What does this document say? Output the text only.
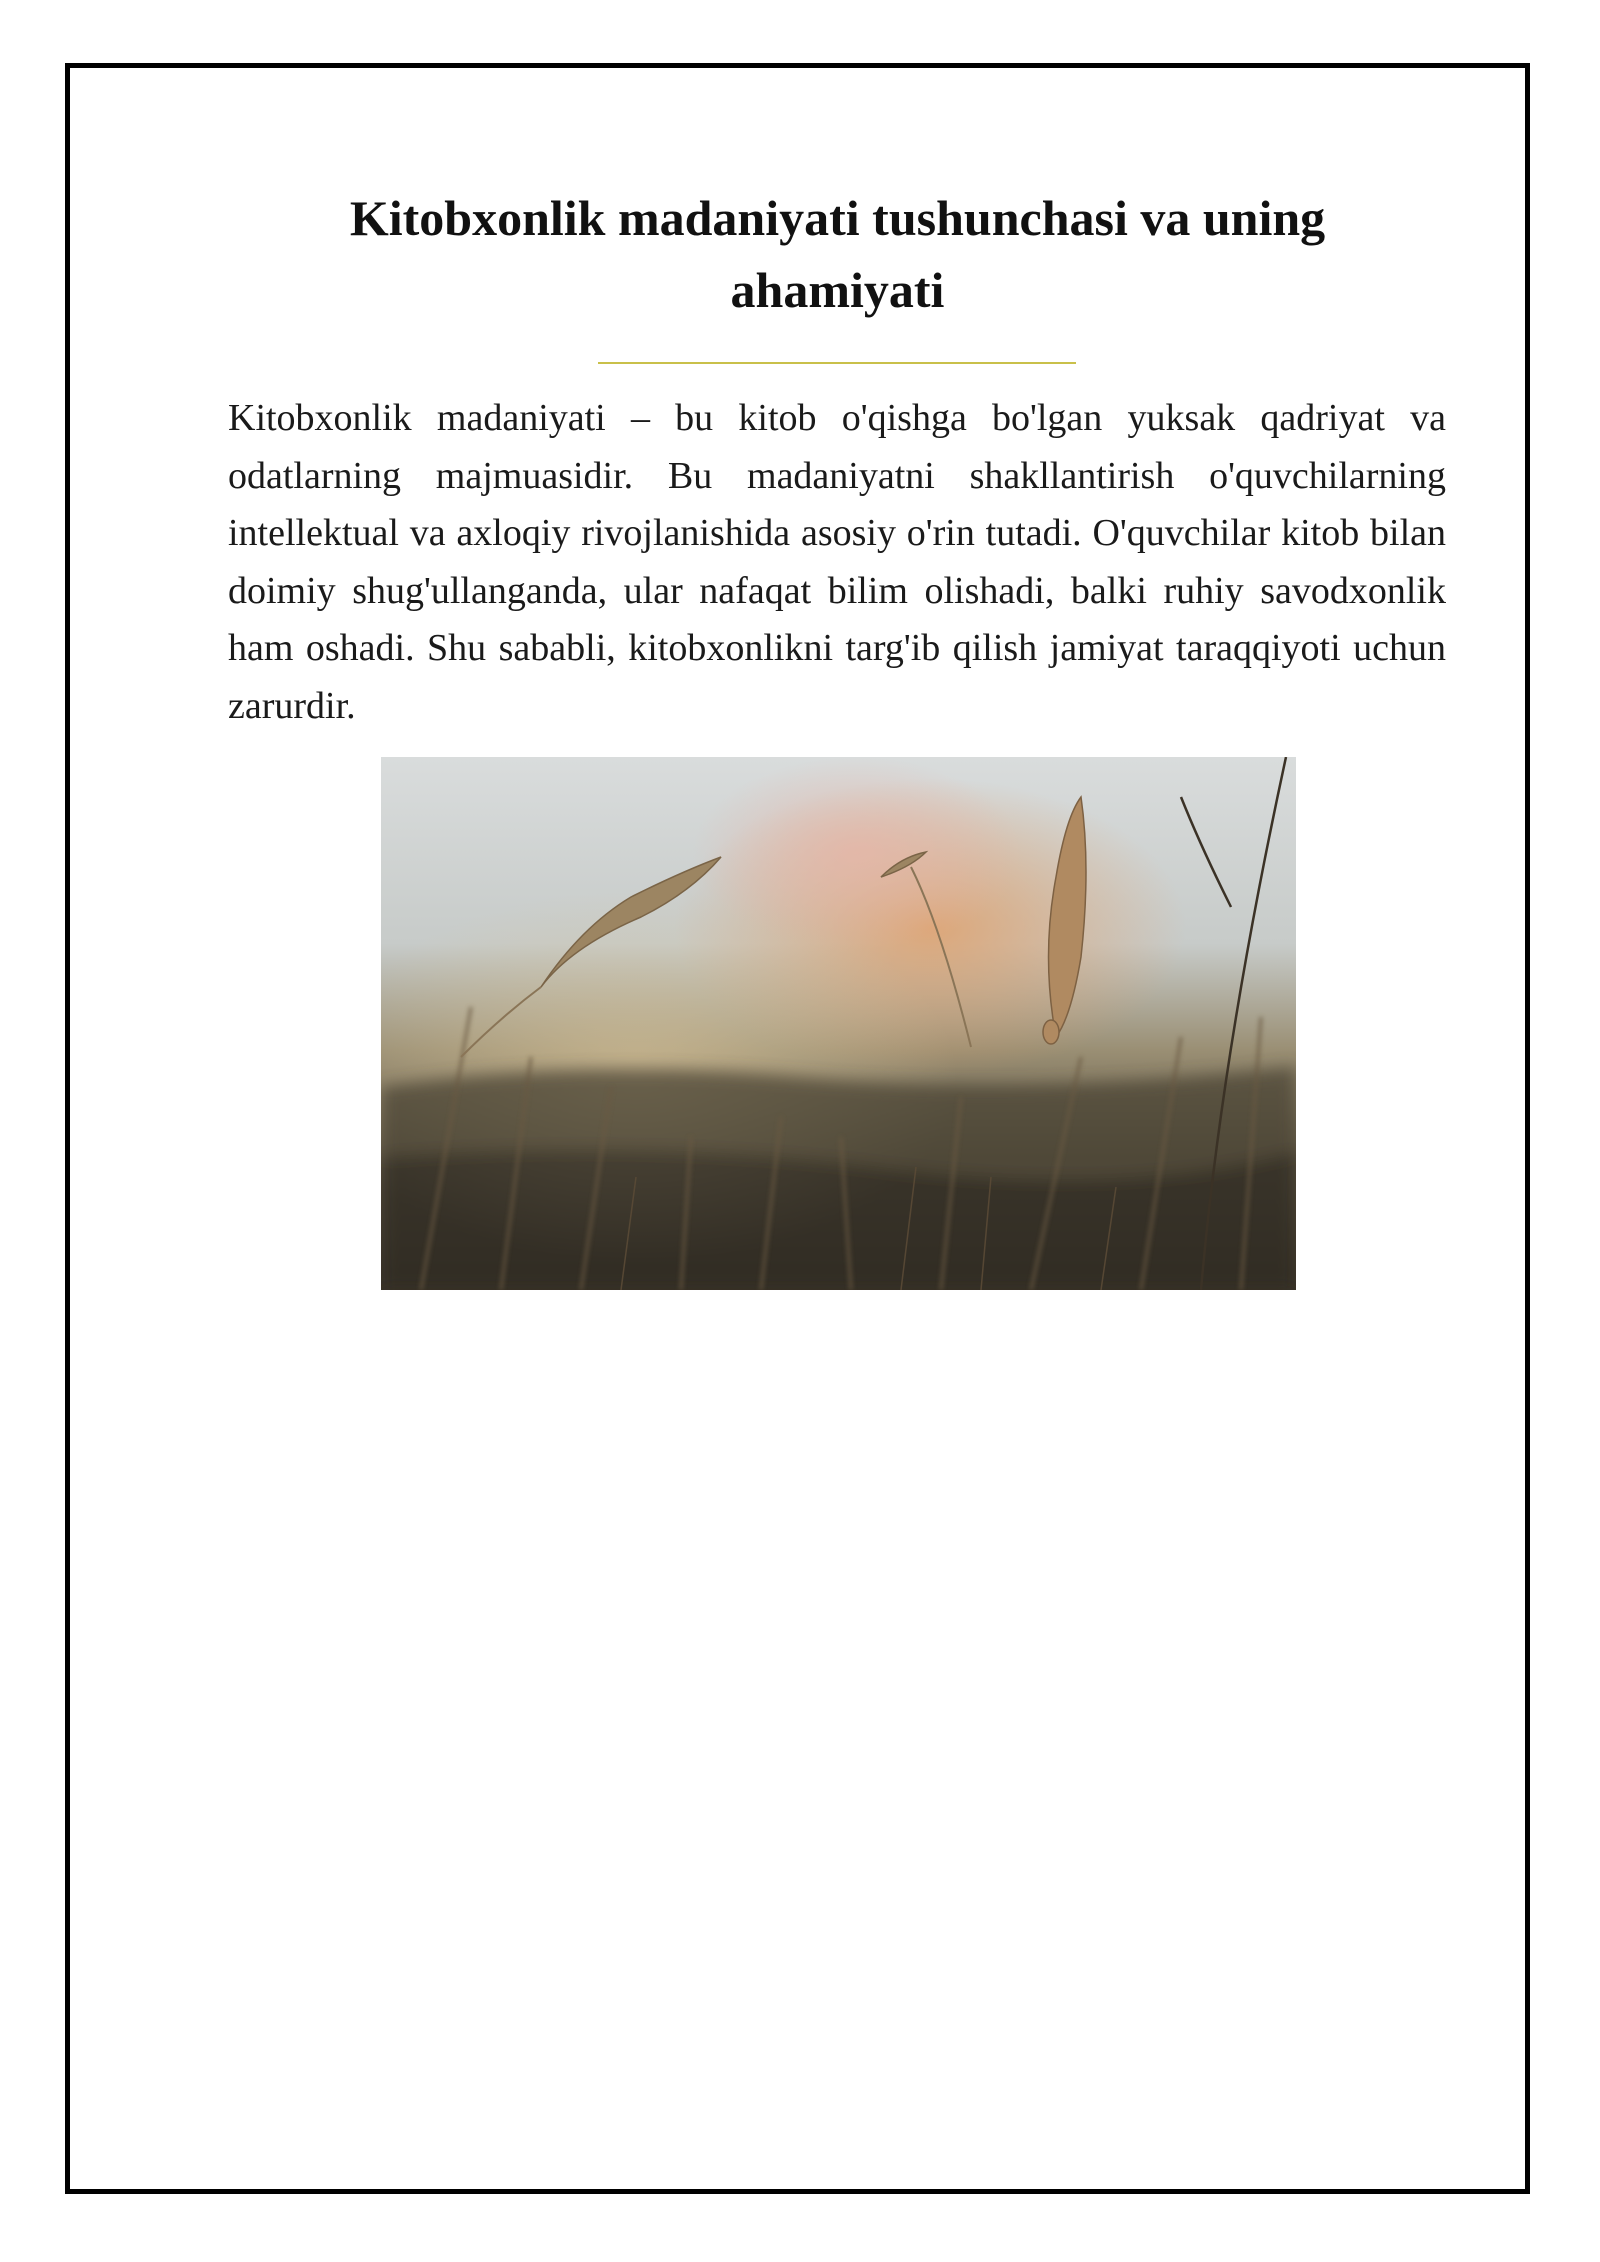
Kitobxonlik madaniyati tushunchasi va uning ahamiyati

Kitobxonlik madaniyati – bu kitob o'qishga bo'lgan yuksak qadriyat va odatlarning majmuasidir. Bu madaniyatni shakllantirish o'quvchilarning intellektual va axloqiy rivojlanishida asosiy o'rin tutadi. O'quvchilar kitob bilan doimiy shug'ullanganda, ular nafaqat bilim olishadi, balki ruhiy savodxonlik ham oshadi. Shu sababli, kitobxonlikni targ'ib qilish jamiyat taraqqiyoti uchun zarurdir.
